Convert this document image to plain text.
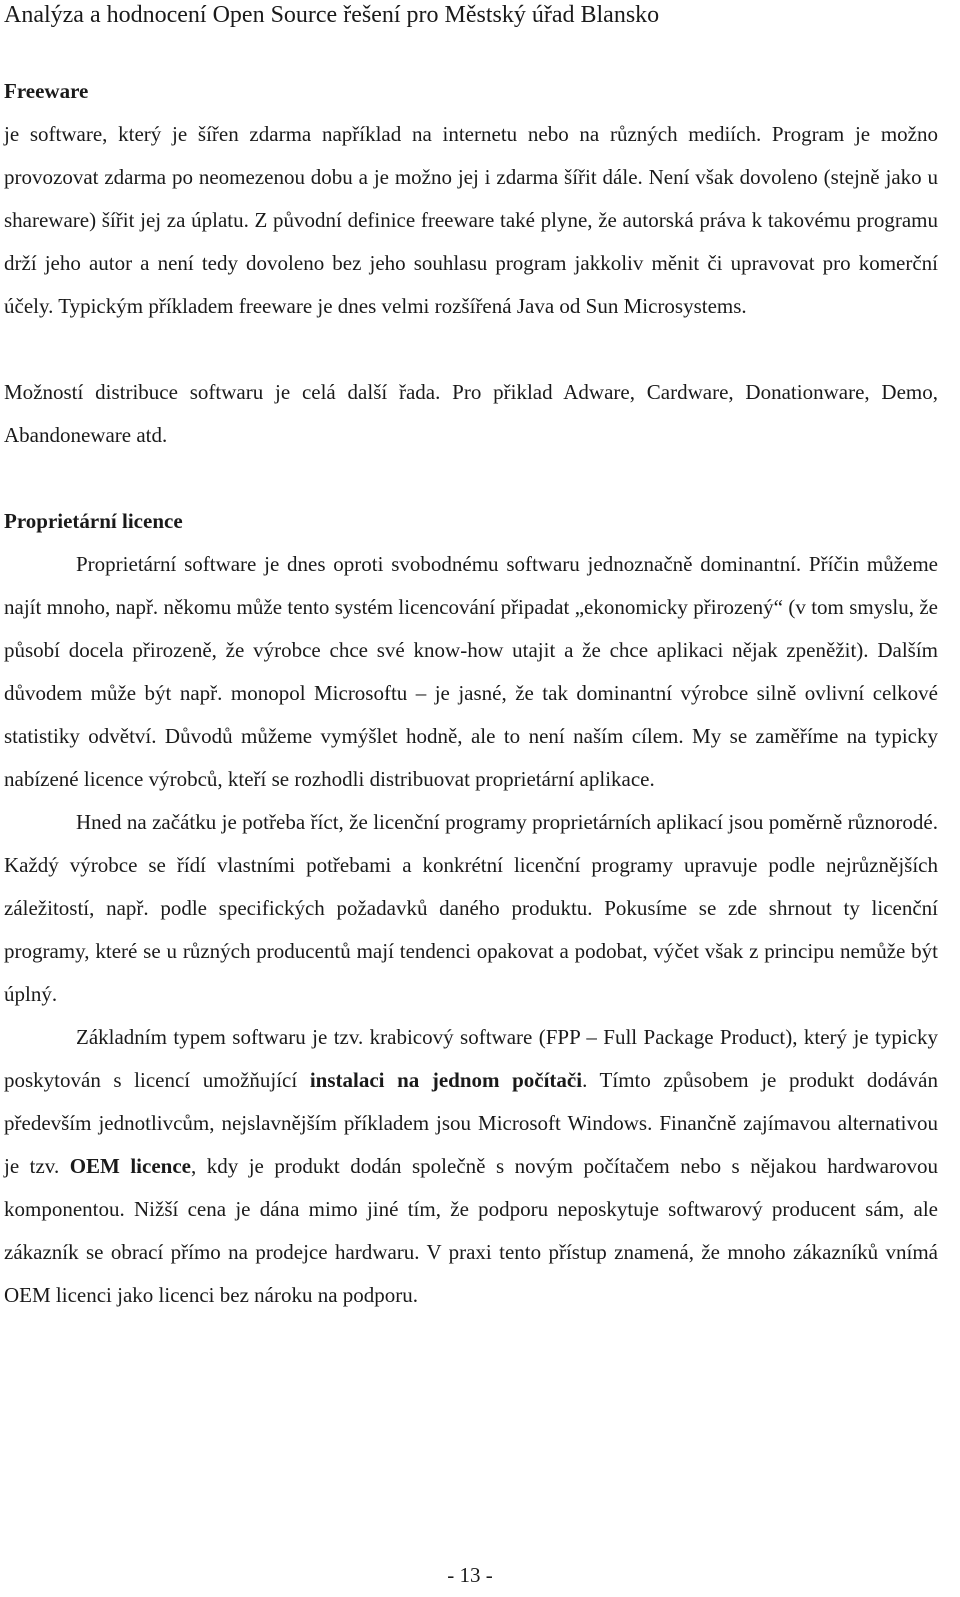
Analýza a hodnocení Open Source řešení pro Městský úřad Blansko
Freeware

je software, který je šířen zdarma například na internetu nebo na různých mediích. Program je možno provozovat zdarma po neomezenou dobu a je možno jej i zdarma šířit dále. Není však dovoleno (stejně jako u shareware) šířit jej za úplatu. Z původní definice freeware také plyne, že autorská práva k takovému programu drží jeho autor a není tedy dovoleno bez jeho souhlasu program jakkoliv měnit či upravovat pro komerční účely. Typickým příkladem freeware je dnes velmi rozšířená Java od Sun Microsystems.

Možností distribuce softwaru je celá další řada. Pro přiklad Adware, Cardware, Donationware, Demo, Abandoneware atd.

Proprietární licence

Proprietární software je dnes oproti svobodnému softwaru jednoznačně dominantní. Příčin můžeme najít mnoho, např. někomu může tento systém licencování připadat „ekonomicky přirozený“ (v tom smyslu, že působí docela přirozeně, že výrobce chce své know-how utajit a že chce aplikaci nějak zpeněžit). Dalším důvodem může být např. monopol Microsoftu – je jasné, že tak dominantní výrobce silně ovlivní celkové statistiky odvětví. Důvodů můžeme vymýšlet hodně, ale to není naším cílem. My se zaměříme na typicky nabízené licence výrobců, kteří se rozhodli distribuovat proprietární aplikace.

Hned na začátku je potřeba říct, že licenční programy proprietárních aplikací jsou poměrně různorodé. Každý výrobce se řídí vlastními potřebami a konkrétní licenční programy upravuje podle nejrůznějších záležitostí, např. podle specifických požadavků daného produktu. Pokusíme se zde shrnout ty licenční programy, které se u různých producentů mají tendenci opakovat a podobat, výčet však z principu nemůže být úplný.

Základním typem softwaru je tzv. krabicový software (FPP – Full Package Product), který je typicky poskytován s licencí umožňující instalaci na jednom počítači. Tímto způsobem je produkt dodáván především jednotlivcům, nejslavnějším příkladem jsou Microsoft Windows. Finančně zajímavou alternativou je tzv. OEM licence, kdy je produkt dodán společně s novým počítačem nebo s nějakou hardwarovou komponentou. Nižší cena je dána mimo jiné tím, že podporu neposkytuje softwarový producent sám, ale zákazník se obrací přímo na prodejce hardwaru. V praxi tento přístup znamená, že mnoho zákazníků vnímá OEM licenci jako licenci bez nároku na podporu.

- 13 -
